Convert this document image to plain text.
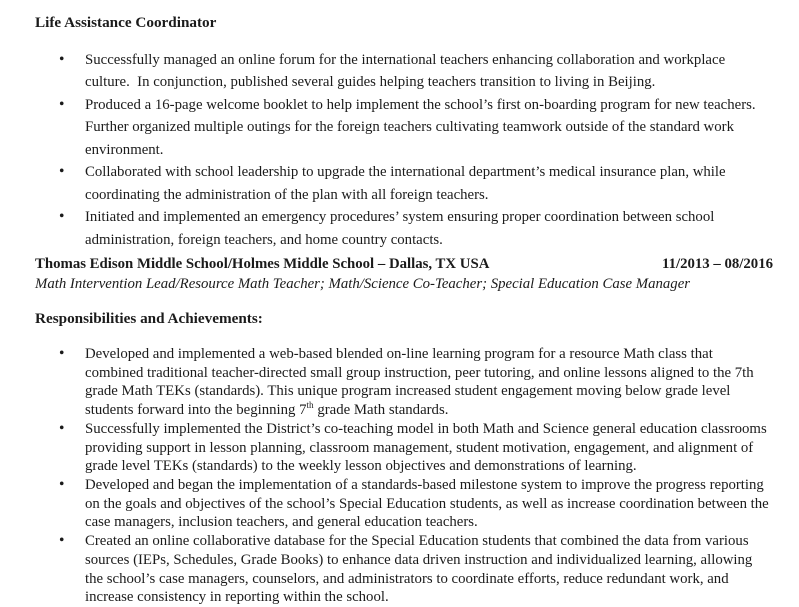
Life Assistance Coordinator
• Successfully managed an online forum for the international teachers enhancing collaboration and workplace culture.  In conjunction, published several guides helping teachers transition to living in Beijing.
• Produced a 16-page welcome booklet to help implement the school’s first on-boarding program for new teachers. Further organized multiple outings for the foreign teachers cultivating teamwork outside of the standard work environment.
• Collaborated with school leadership to upgrade the international department’s medical insurance plan, while coordinating the administration of the plan with all foreign teachers.
• Initiated and implemented an emergency procedures’ system ensuring proper coordination between school administration, foreign teachers, and home country contacts.
Thomas Edison Middle School/Holmes Middle School – Dallas, TX USA	11/2013 – 08/2016
Math Intervention Lead/Resource Math Teacher; Math/Science Co-Teacher; Special Education Case Manager
Responsibilities and Achievements:
• Developed and implemented a web-based blended on-line learning program for a resource Math class that combined traditional teacher-directed small group instruction, peer tutoring, and online lessons aligned to the 7th grade Math TEKs (standards). This unique program increased student engagement moving below grade level students forward into the beginning 7th grade Math standards.
• Successfully implemented the District’s co-teaching model in both Math and Science general education classrooms providing support in lesson planning, classroom management, student motivation, engagement, and alignment of grade level TEKs (standards) to the weekly lesson objectives and demonstrations of learning.
• Developed and began the implementation of a standards-based milestone system to improve the progress reporting on the goals and objectives of the school’s Special Education students, as well as increase coordination between the case managers, inclusion teachers, and general education teachers.
• Created an online collaborative database for the Special Education students that combined the data from various sources (IEPs, Schedules, Grade Books) to enhance data driven instruction and individualized learning, allowing the school’s case managers, counselors, and administrators to coordinate efforts, reduce redundant work, and increase consistency in reporting within the school.
